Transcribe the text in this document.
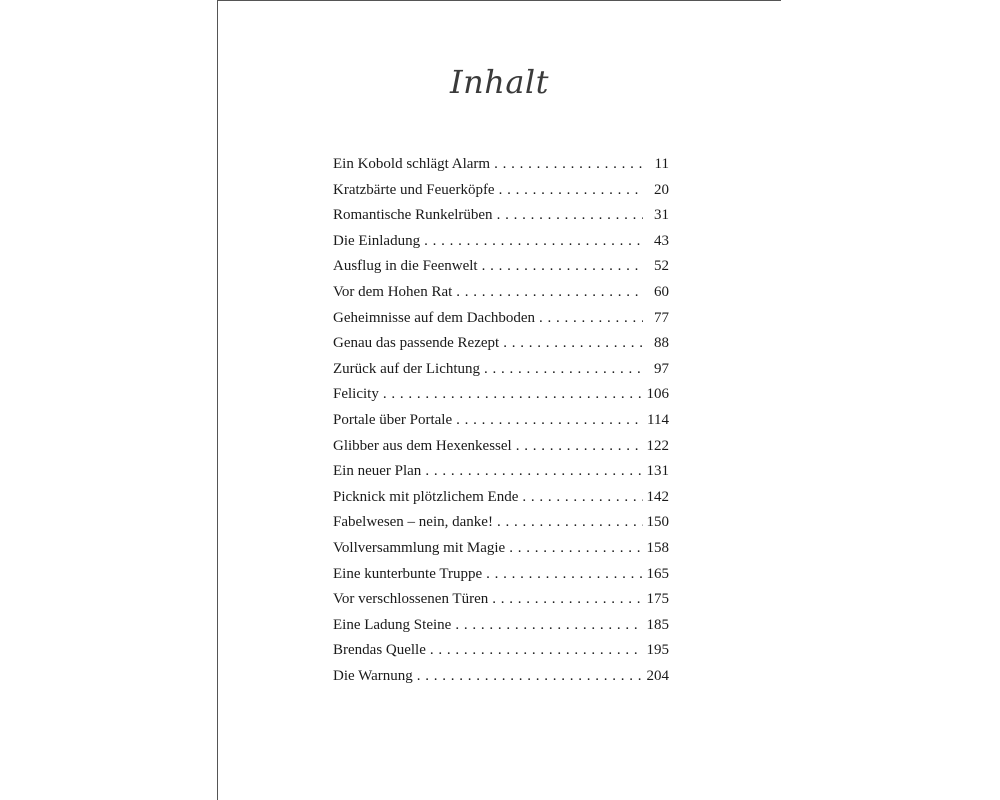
Inhalt
Ein Kobold schlägt Alarm . . .	11
Kratzbärte und Feuerköpfe . . .	20
Romantische Runkelrüben . . .	31
Die Einladung . . .	43
Ausflug in die Feenwelt . . .	52
Vor dem Hohen Rat . . .	60
Geheimnisse auf dem Dachboden . . .	77
Genau das passende Rezept . . .	88
Zurück auf der Lichtung . . .	97
Felicity . . .	106
Portale über Portale . . .	114
Glibber aus dem Hexenkessel . . .	122
Ein neuer Plan . . .	131
Picknick mit plötzlichem Ende . . .	142
Fabelwesen – nein, danke! . . .	150
Vollversammlung mit Magie . . .	158
Eine kunterbunte Truppe . . .	165
Vor verschlossenen Türen . . .	175
Eine Ladung Steine . . .	185
Brendas Quelle . . .	195
Die Warnung . . .	204
